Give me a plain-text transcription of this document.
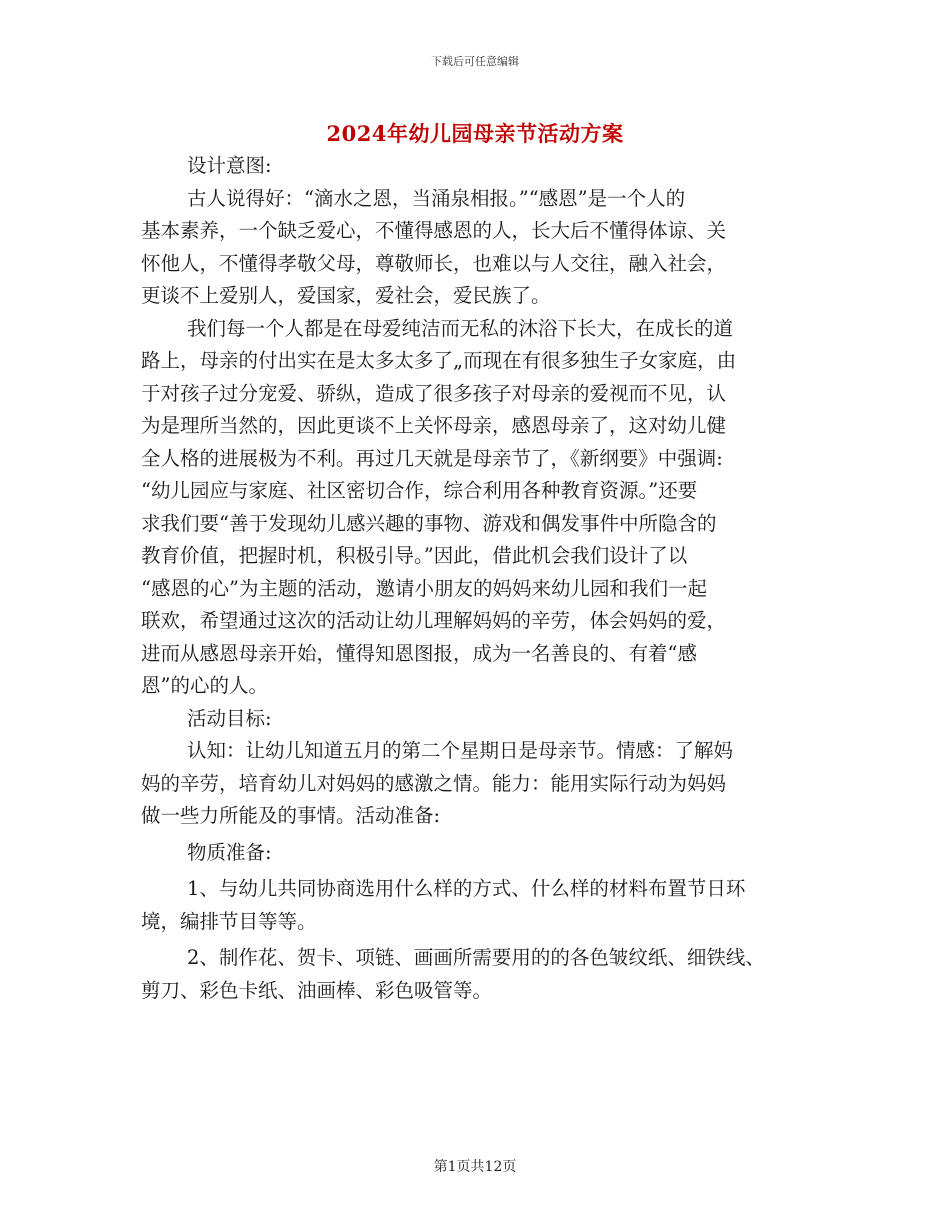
下载后可任意编辑
2024年幼儿园母亲节活动方案
设计意图:
古人说得好：“滴水之恩，当涌泉相报。”“感恩”是一个人的
基本素养，一个缺乏爱心，不懂得感恩的人，长大后不懂得体谅、关
怀他人，不懂得孝敬父母，尊敬师长，也难以与人交往，融入社会，
更谈不上爱别人，爱国家，爱社会，爱民族了。
我们每一个人都是在母爱纯洁而无私的沐浴下长大，在成长的道
路上，母亲的付出实在是太多太多了„而现在有很多独生子女家庭，由
于对孩子过分宠爱、骄纵，造成了很多孩子对母亲的爱视而不见，认
为是理所当然的，因此更谈不上关怀母亲，感恩母亲了，这对幼儿健
全人格的进展极为不利。再过几天就是母亲节了，《新纲要》中强调:
“幼儿园应与家庭、社区密切合作，综合利用各种教育资源。”还要
求我们要“善于发现幼儿感兴趣的事物、游戏和偶发事件中所隐含的
教育价值，把握时机，积极引导。”因此，借此机会我们设计了以
“感恩的心”为主题的活动，邀请小朋友的妈妈来幼儿园和我们一起
联欢，希望通过这次的活动让幼儿理解妈妈的辛劳，体会妈妈的爱，
进而从感恩母亲开始，懂得知恩图报，成为一名善良的、有着“感
恩”的心的人。
活动目标:
认知：让幼儿知道五月的第二个星期日是母亲节。情感：了解妈
妈的辛劳，培育幼儿对妈妈的感激之情。能力：能用实际行动为妈妈
做一些力所能及的事情。活动准备:
物质准备:
1、与幼儿共同协商选用什么样的方式、什么样的材料布置节日环
境，编排节目等等。
2、制作花、贺卡、项链、画画所需要用的的各色皱纹纸、细铁线、
剪刀、彩色卡纸、油画棒、彩色吸管等。
第1页共12页
